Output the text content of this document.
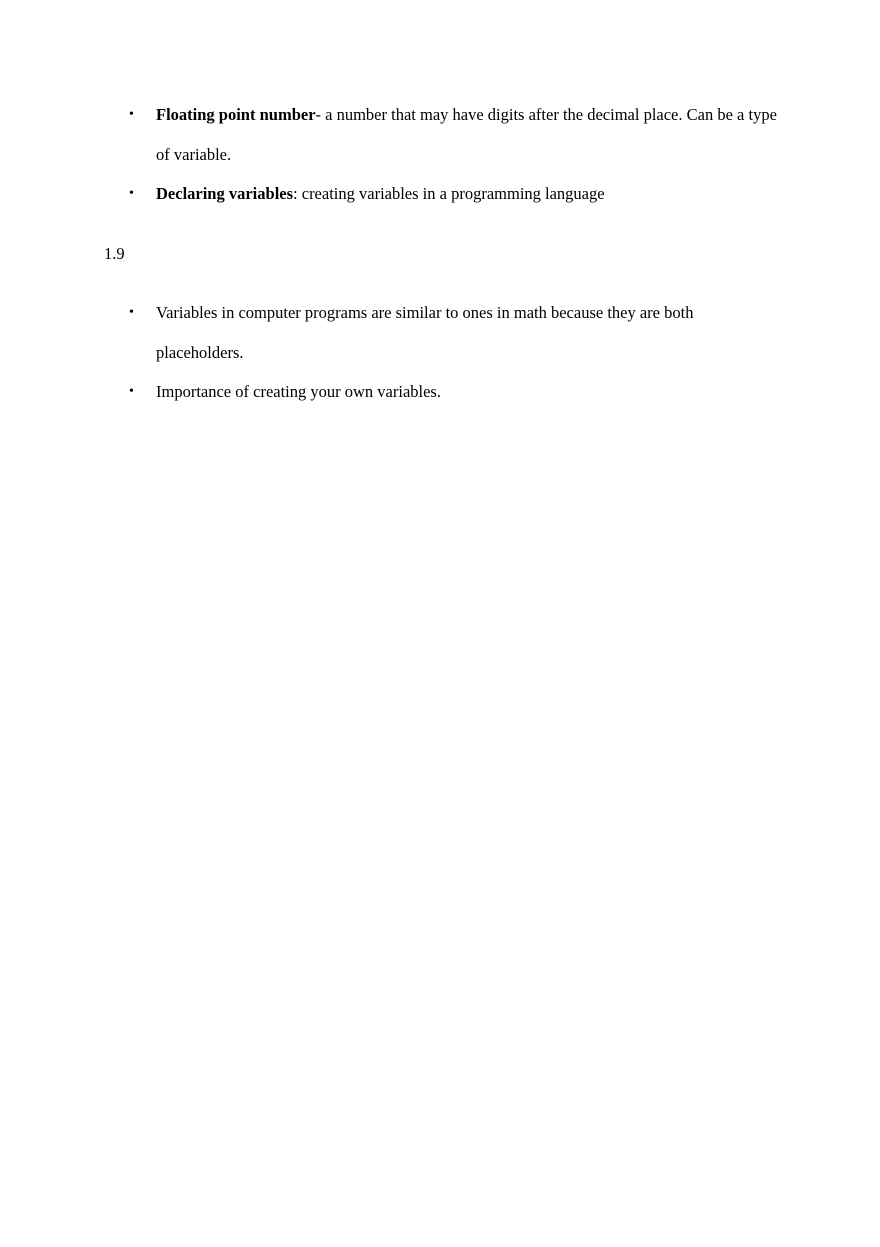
• Floating point number- a number that may have digits after the decimal place. Can be a type of variable.
• Declaring variables: creating variables in a programming language
1.9
• Variables in computer programs are similar to ones in math because they are both placeholders.
• Importance of creating your own variables.
